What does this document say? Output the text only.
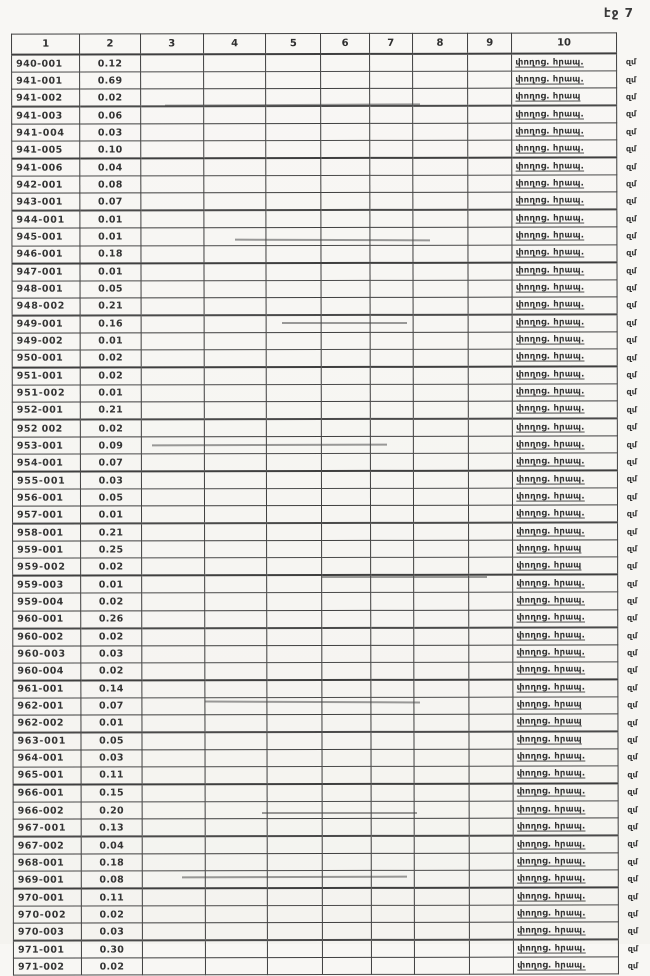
էջ 7
1	2	3	4	5	6	7	8	9	10	
940-001	0.12								փողոց. հրապ.	զմ
941-001	0.69								փողոց. հրապ.	զմ
941-002	0.02								փողոց. հրապ	զմ
941-003	0.06								փողոց. հրապ.	զմ
941-004	0.03								փողոց. հրապ.	զմ
941-005	0.10								փողոց. հրապ.	զմ
941-006	0.04								փողոց. հրապ.	զմ
942-001	0.08								փողոց. հրապ.	զմ
943-001	0.07								փողոց. հրապ.	զմ
944-001	0.01								փողոց. հրապ.	զմ
945-001	0.01								փողոց. հրապ.	զմ
946-001	0.18								փողոց. հրապ.	զմ
947-001	0.01								փողոց. հրապ.	զմ
948-001	0.05								փողոց. հրապ.	զմ
948-002	0.21								փողոց. հրապ.	զմ
949-001	0.16								փողոց. հրապ.	զմ
949-002	0.01								փողոց. հրապ.	զմ
950-001	0.02								փողոց. հրապ.	զմ
951-001	0.02								փողոց. հրապ.	զմ
951-002	0.01								փողոց. հրապ.	զմ
952-001	0.21								փողոց. հրապ.	զմ
952 002	0.02								փողոց. հրապ.	զմ
953-001	0.09								փողոց. հրապ.	զմ
954-001	0.07								փողոց. հրապ.	զմ
955-001	0.03								փողոց. հրապ.	զմ
956-001	0.05								փողոց. հրապ.	զմ
957-001	0.01								փողոց. հրապ.	զմ
958-001	0.21								փողոց. հրապ.	զմ
959-001	0.25								փողոց. հրապ	զմ
959-002	0.02								փողոց. հրապ	զմ
959-003	0.01								փողոց. հրապ.	զմ
959-004	0.02								փողոց. հրապ.	զմ
960-001	0.26								փողոց. հրապ.	զմ
960-002	0.02								փողոց. հրապ.	զմ
960-003	0.03								փողոց. հրապ.	զմ
960-004	0.02								փողոց. հրապ.	զմ
961-001	0.14								փողոց. հրապ.	զմ
962-001	0.07								փողոց. հրապ	զմ
962-002	0.01								փողոց. հրապ	զմ
963-001	0.05								փողոց. հրապ	զմ
964-001	0.03								փողոց. հրապ.	զմ
965-001	0.11								փողոց. հրապ.	զմ
966-001	0.15								փողոց. հրապ.	զմ
966-002	0.20								փողոց. հրապ.	զմ
967-001	0.13								փողոց. հրապ.	զմ
967-002	0.04								փողոց. հրապ.	զմ
968-001	0.18								փողոց. հրապ.	զմ
969-001	0.08								փողոց. հրապ.	զմ
970-001	0.11								փողոց. հրապ.	զմ
970-002	0.02								փողոց. հրապ.	զմ
970-003	0.03								փողոց. հրապ.	զմ
971-001	0.30								փողոց. հրապ.	զմ
971-002	0.02								փողոց. հրապ.	զմ
